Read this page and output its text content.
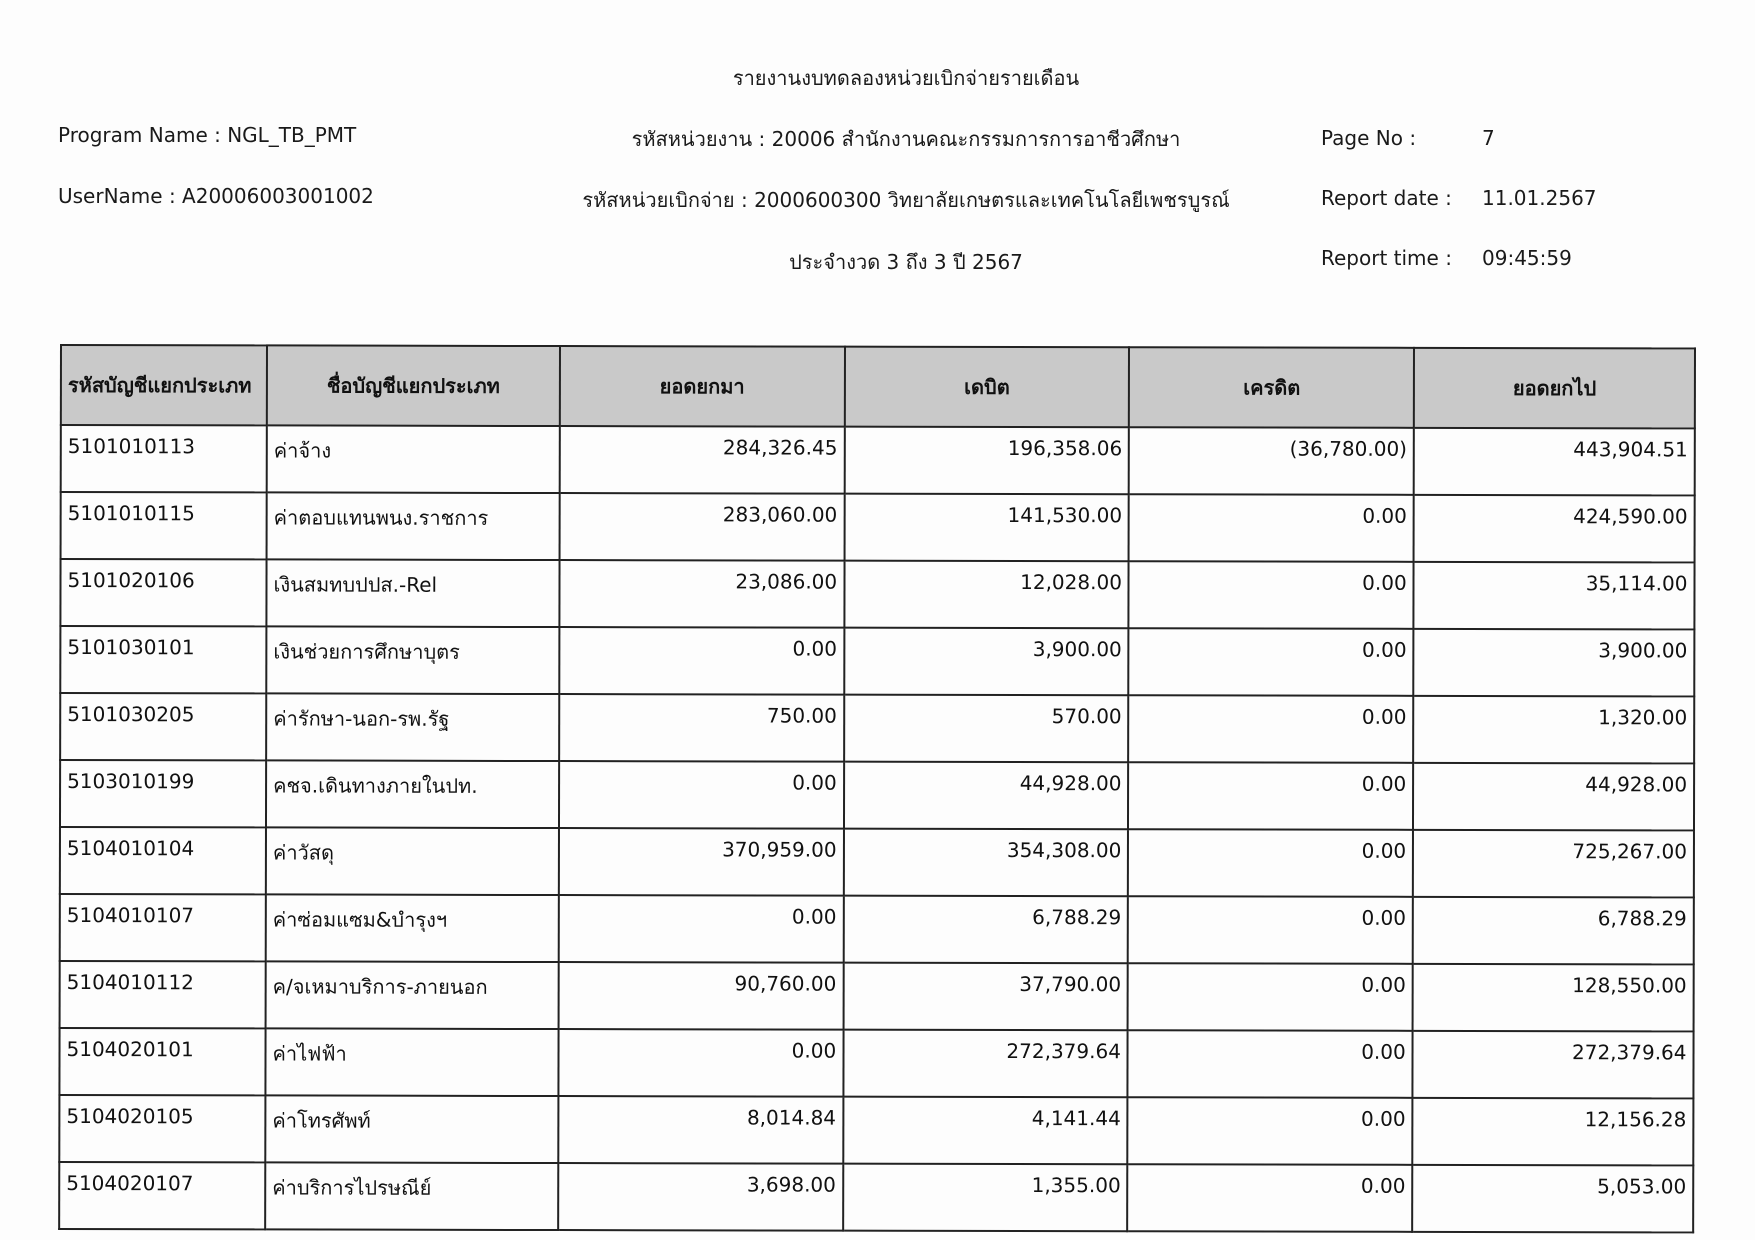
รายงานงบทดลองหน่วยเบิกจ่ายรายเดือน
Program Name : NGL_TB_PMT	รหัสหน่วยงาน : 20006 สำนักงานคณะกรรมการการอาชีวศึกษา	Page No :	7
UserName : A20006003001002	รหัสหน่วยเบิกจ่าย : 2000600300 วิทยาลัยเกษตรและเทคโนโลยีเพชรบูรณ์	Report date : 11.01.2567
ประจำงวด 3 ถึง 3 ปี 2567	Report time : 09:45:59
รหัสบัญชีแยกประเภท	ชื่อบัญชีแยกประเภท	ยอดยกมา	เดบิต	เครดิต	ยอดยกไป
5101010113	ค่าจ้าง	284,326.45	196,358.06	(36,780.00)	443,904.51
5101010115	ค่าตอบแทนพนง.ราชการ	283,060.00	141,530.00	0.00	424,590.00
5101020106	เงินสมทบปปส.-Rel	23,086.00	12,028.00	0.00	35,114.00
5101030101	เงินช่วยการศึกษาบุตร	0.00	3,900.00	0.00	3,900.00
5101030205	ค่ารักษา-นอก-รพ.รัฐ	750.00	570.00	0.00	1,320.00
5103010199	คชจ.เดินทางภายในปท.	0.00	44,928.00	0.00	44,928.00
5104010104	ค่าวัสดุ	370,959.00	354,308.00	0.00	725,267.00
5104010107	ค่าซ่อมแซม&บำรุงฯ	0.00	6,788.29	0.00	6,788.29
5104010112	ค/จเหมาบริการ-ภายนอก	90,760.00	37,790.00	0.00	128,550.00
5104020101	ค่าไฟฟ้า	0.00	272,379.64	0.00	272,379.64
5104020105	ค่าโทรศัพท์	8,014.84	4,141.44	0.00	12,156.28
5104020107	ค่าบริการไปรษณีย์	3,698.00	1,355.00	0.00	5,053.00
